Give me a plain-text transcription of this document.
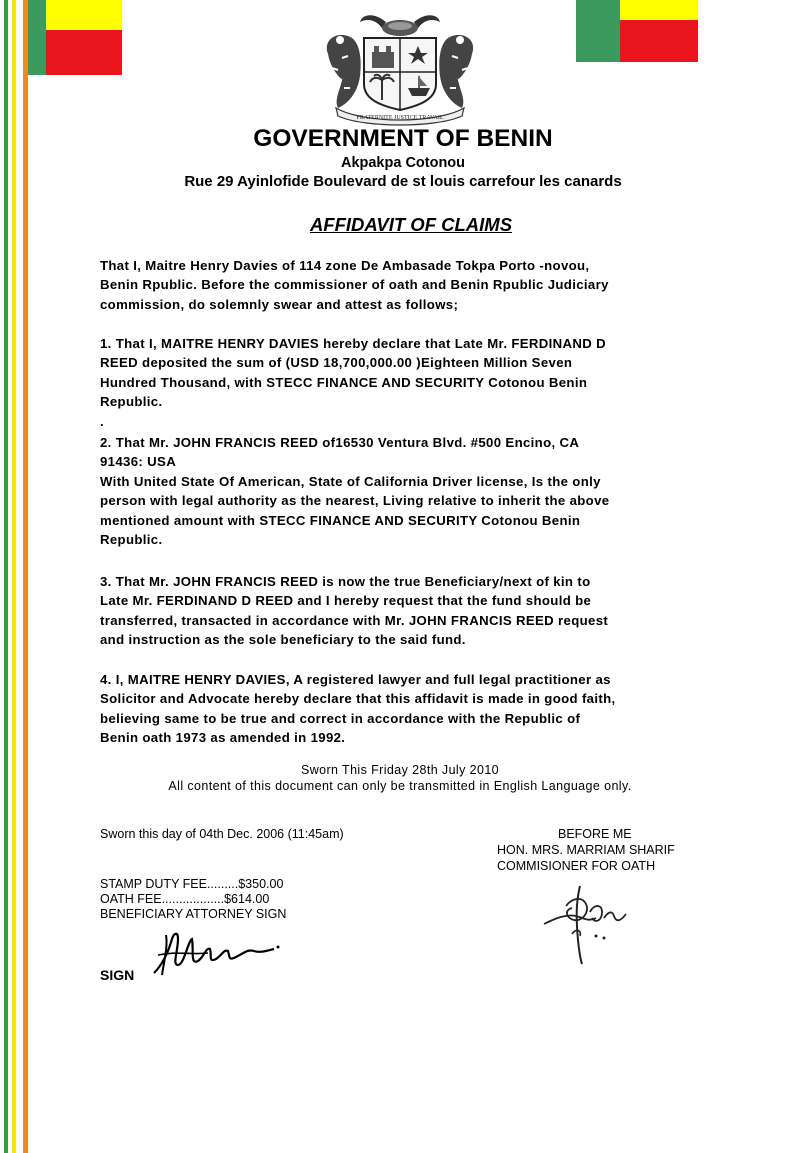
FRATERNITE JUSTICE TRAVAIL
GOVERNMENT OF BENIN
Akpakpa Cotonou
Rue 29 Ayinlofide Boulevard de st louis carrefour les canards
AFFIDAVIT OF CLAIMS
That I, Maitre Henry Davies of 114 zone De Ambasade Tokpa Porto -novou,
Benin Rpublic. Before the commissioner of oath and Benin Rpublic Judiciary
commission, do solemnly swear and attest as follows;
1. That I, MAITRE HENRY DAVIES hereby declare that Late Mr. FERDINAND D
REED deposited the sum of (USD 18,700,000.00 )Eighteen Million Seven
Hundred Thousand, with STECC FINANCE AND SECURITY Cotonou Benin
Republic.
.
2. That Mr. JOHN FRANCIS REED of16530 Ventura Blvd. #500 Encino, CA
91436: USA
With United State Of American, State of California Driver license, Is the only
person with legal authority as the nearest, Living relative to inherit the above
mentioned amount with STECC FINANCE AND SECURITY Cotonou Benin
Republic.
3. That Mr. JOHN FRANCIS REED is now the true Beneficiary/next of kin to
Late Mr. FERDINAND D REED and I hereby request that the fund should be
transferred, transacted in accordance with Mr. JOHN FRANCIS REED request
and instruction as the sole beneficiary to the said fund.
4. I, MAITRE HENRY DAVIES, A registered lawyer and full legal practitioner as
Solicitor and Advocate hereby declare that this affidavit is made in good faith,
believing same to be true and correct in accordance with the Republic of
Benin oath 1973 as amended in 1992.
Sworn This Friday 28th July 2010
All content of this document can only be transmitted in English Language only.
Sworn this day of 04th Dec. 2006 (11:45am)
STAMP DUTY FEE.........$350.00
OATH FEE..................$614.00
BENEFICIARY ATTORNEY SIGN
SIGN
BEFORE ME
HON. MRS. MARRIAM SHARIF
COMMISIONER FOR OATH
